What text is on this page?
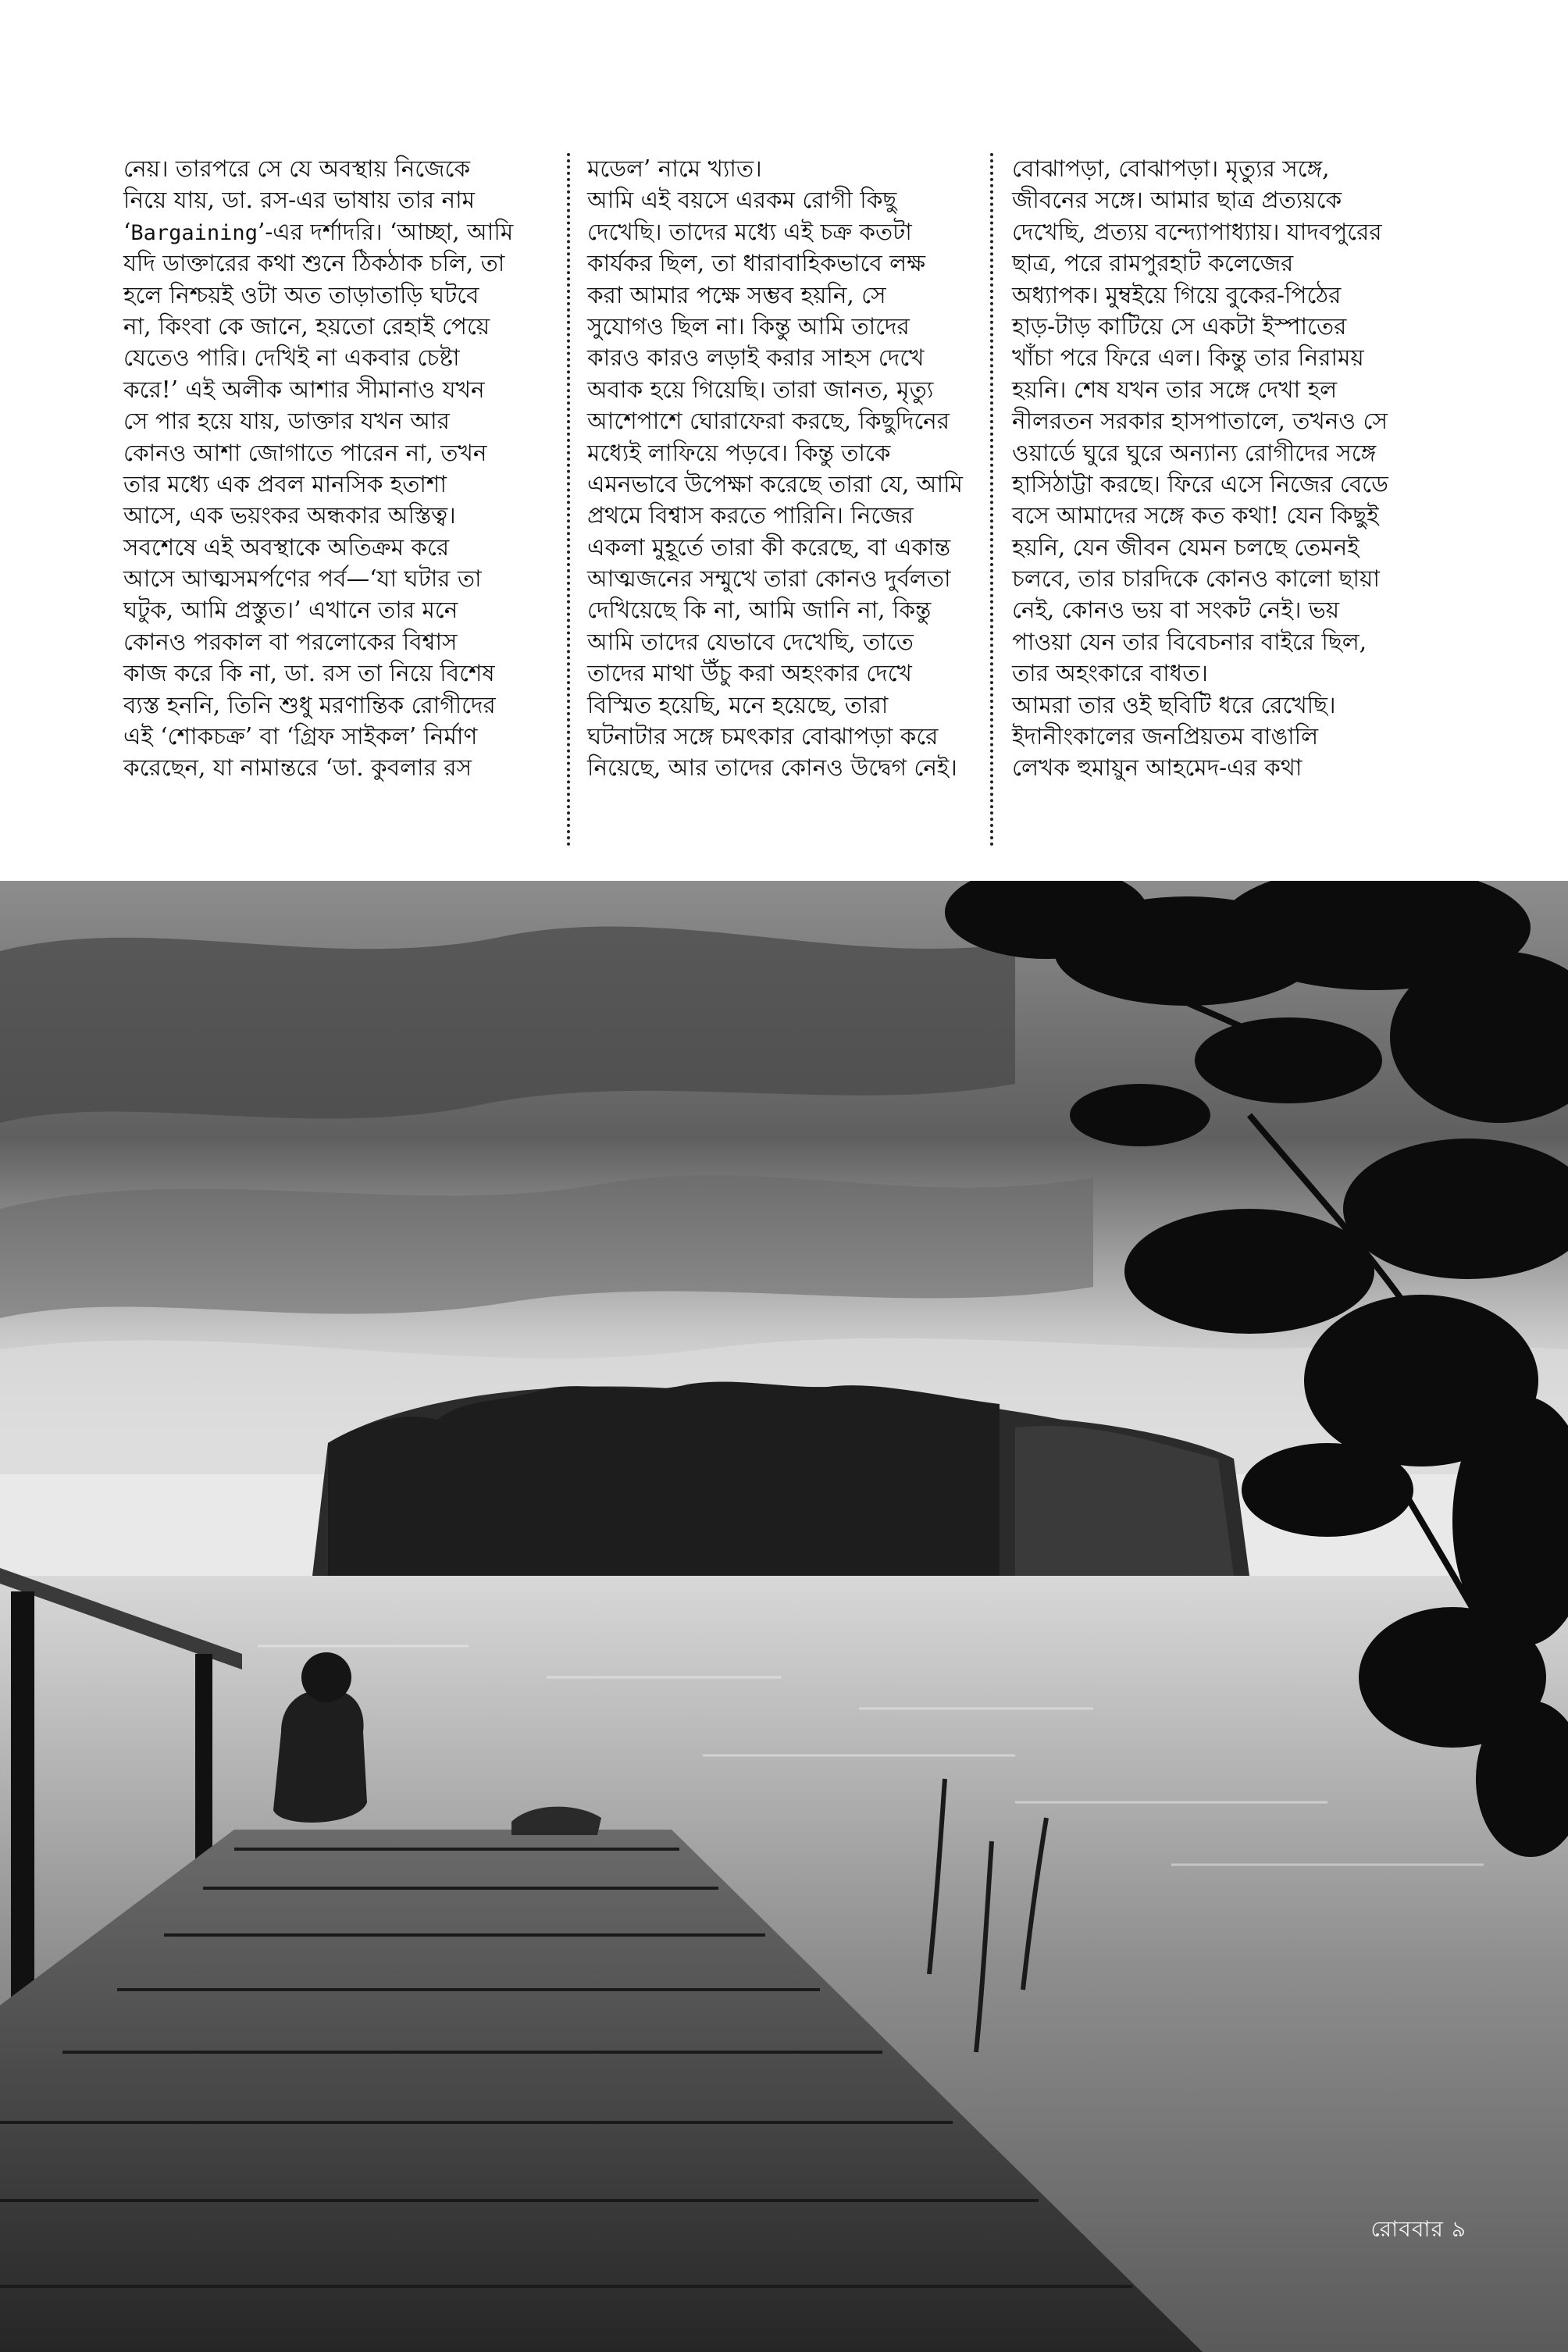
নেয়। তারপরে সে যে অবস্থায় নিজেকে
নিয়ে যায়, ডা. রস-এর ভাষায় তার নাম
‘Bargaining’-এর দর্শাদরি। ‘আচ্ছা, আমি
যদি ডাক্তারের কথা শুনে ঠিকঠাক চলি, তা
হলে নিশ্চয়ই ওটা অত তাড়াতাড়ি ঘটবে
না, কিংবা কে জানে, হয়তো রেহাই পেয়ে
যেতেও পারি। দেখিই না একবার চেষ্টা
করে!’ এই অলীক আশার সীমানাও যখন
সে পার হয়ে যায়, ডাক্তার যখন আর
কোনও আশা জোগাতে পারেন না, তখন
তার মধ্যে এক প্রবল মানসিক হতাশা
আসে, এক ভয়ংকর অন্ধকার অস্তিত্ব।
সবশেষে এই অবস্থাকে অতিক্রম করে
আসে আত্মসমর্পণের পর্ব—‘যা ঘটার তা
ঘটুক, আমি প্রস্তুত।’ এখানে তার মনে
কোনও পরকাল বা পরলোকের বিশ্বাস
কাজ করে কি না, ডা. রস তা নিয়ে বিশেষ
ব্যস্ত হননি, তিনি শুধু মরণান্তিক রোগীদের
এই ‘শোকচক্র’ বা ‘গ্রিফ সাইকল’ নির্মাণ
করেছেন, যা নামান্তরে ‘ডা. কুবলার রস
মডেল’ নামে খ্যাত।
আমি এই বয়সে এরকম রোগী কিছু
দেখেছি। তাদের মধ্যে এই চক্র কতটা
কার্যকর ছিল, তা ধারাবাহিকভাবে লক্ষ
করা আমার পক্ষে সম্ভব হয়নি, সে
সুযোগও ছিল না। কিন্তু আমি তাদের
কারও কারও লড়াই করার সাহস দেখে
অবাক হয়ে গিয়েছি। তারা জানত, মৃত্যু
আশেপাশে ঘোরাফেরা করছে, কিছুদিনের
মধ্যেই লাফিয়ে পড়বে। কিন্তু তাকে
এমনভাবে উপেক্ষা করেছে তারা যে, আমি
প্রথমে বিশ্বাস করতে পারিনি। নিজের
একলা মুহূর্তে তারা কী করেছে, বা একান্ত
আত্মজনের সম্মুখে তারা কোনও দুর্বলতা
দেখিয়েছে কি না, আমি জানি না, কিন্তু
আমি তাদের যেভাবে দেখেছি, তাতে
তাদের মাথা উঁচু করা অহংকার দেখে
বিস্মিত হয়েছি, মনে হয়েছে, তারা
ঘটনাটার সঙ্গে চমৎকার বোঝাপড়া করে
নিয়েছে, আর তাদের কোনও উদ্বেগ নেই।
বোঝাপড়া, বোঝাপড়া। মৃত্যুর সঙ্গে,
জীবনের সঙ্গে। আমার ছাত্র প্রত্যয়কে
দেখেছি, প্রত্যয় বন্দ্যোপাধ্যায়। যাদবপুরের
ছাত্র, পরে রামপুরহাট কলেজের
অধ্যাপক। মুম্বইয়ে গিয়ে বুকের-পিঠের
হাড়-টাড় কাটিয়ে সে একটা ইস্পাতের
খাঁচা পরে ফিরে এল। কিন্তু তার নিরাময়
হয়নি। শেষ যখন তার সঙ্গে দেখা হল
নীলরতন সরকার হাসপাতালে, তখনও সে
ওয়ার্ডে ঘুরে ঘুরে অন্যান্য রোগীদের সঙ্গে
হাসিঠাট্টা করছে। ফিরে এসে নিজের বেডে
বসে আমাদের সঙ্গে কত কথা! যেন কিছুই
হয়নি, যেন জীবন যেমন চলছে তেমনই
চলবে, তার চারদিকে কোনও কালো ছায়া
নেই, কোনও ভয় বা সংকট নেই। ভয়
পাওয়া যেন তার বিবেচনার বাইরে ছিল,
তার অহংকারে বাধত।
আমরা তার ওই ছবিটি ধরে রেখেছি।
ইদানীংকালের জনপ্রিয়তম বাঙালি
লেখক হুমায়ুন আহমেদ-এর কথা
রোববার ৯
